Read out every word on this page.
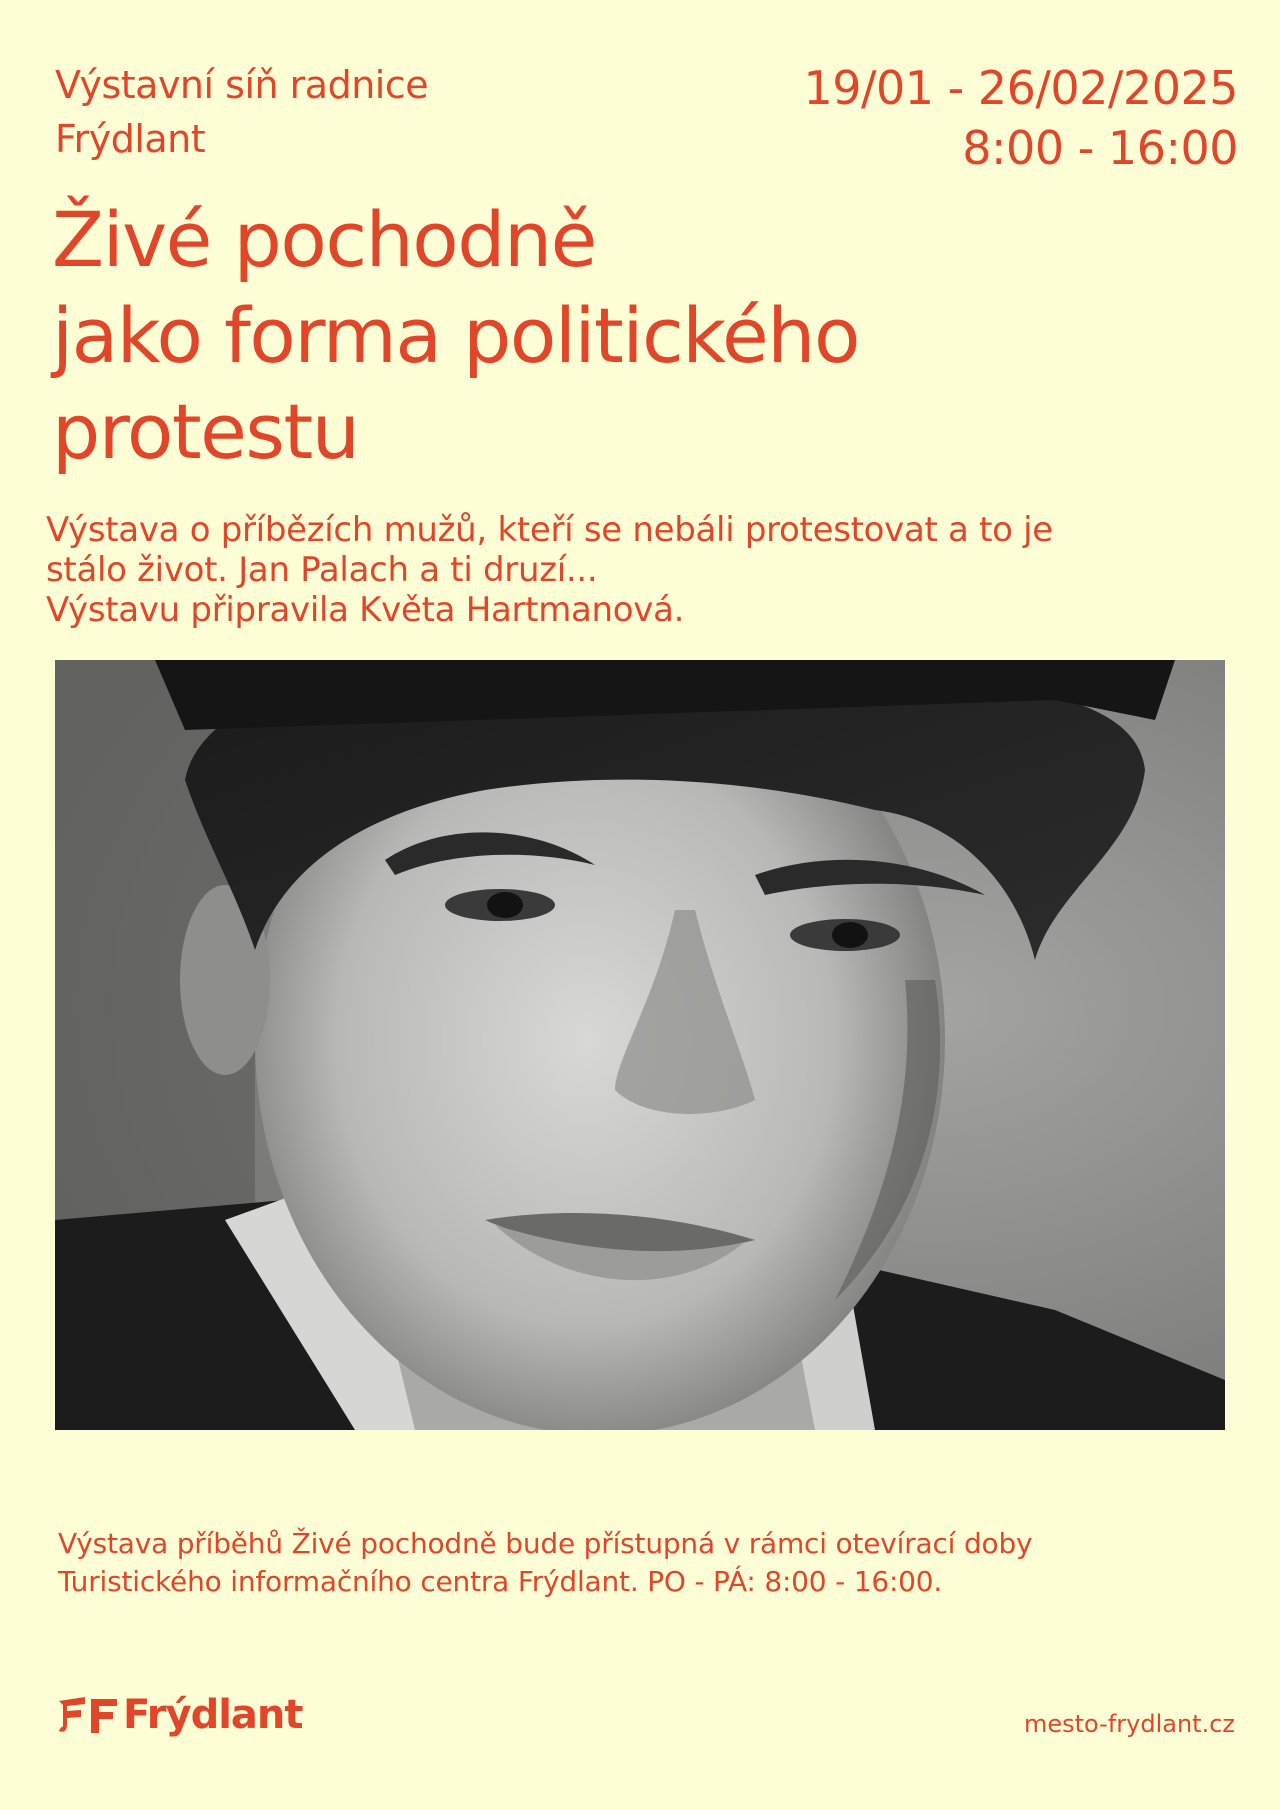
Výstavní síň radnice
Frýdlant
19/01 - 26/02/2025
8:00 - 16:00
Živé pochodně
jako forma politického
protestu
Výstava o příbězích mužů, kteří se nebáli protestovat a to je
stálo život. Jan Palach a ti druzí...
Výstavu připravila Květa Hartmanová.
Výstava příběhů Živé pochodně bude přístupná v rámci otevírací doby
Turistického informačního centra Frýdlant. PO - PÁ: 8:00 - 16:00.
Frýdlant	mesto-frydlant.cz
